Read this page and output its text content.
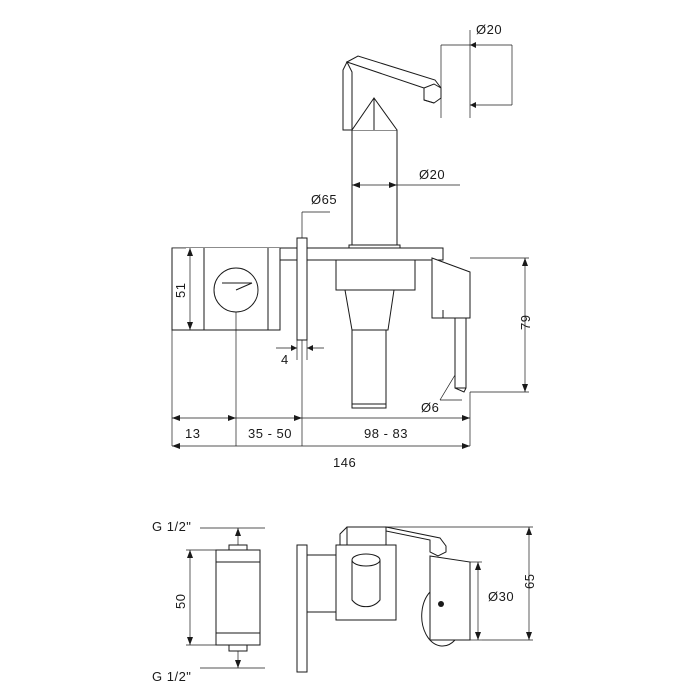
Ø20
Ø20
Ø65
51
79
4
Ø6
13	35 - 50	98 - 83
146
G 1/2"
50	Ø30
65
G 1/2"
